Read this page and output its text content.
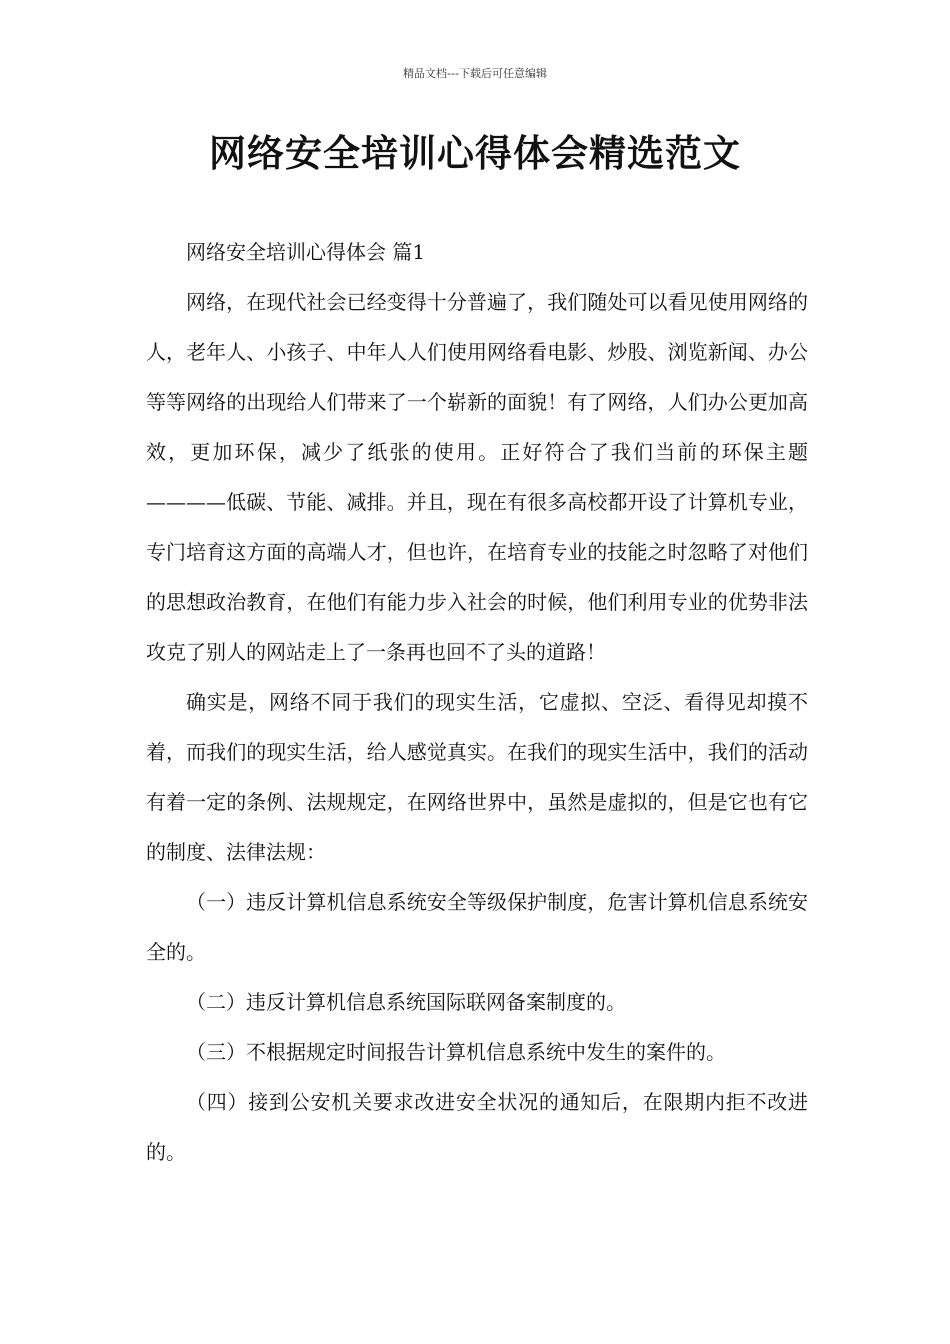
精品文档---下载后可任意编辑
网络安全培训心得体会精选范文

网络安全培训心得体会 篇1

网络，在现代社会已经变得十分普遍了，我们随处可以看见使用网络的人，老年人、小孩子、中年人人们使用网络看电影、炒股、浏览新闻、办公等等网络的出现给人们带来了一个崭新的面貌！有了网络，人们办公更加高效，更加环保，减少了纸张的使用。正好符合了我们当前的环保主题————低碳、节能、减排。并且，现在有很多高校都开设了计算机专业，专门培育这方面的高端人才，但也许，在培育专业的技能之时忽略了对他们的思想政治教育，在他们有能力步入社会的时候，他们利用专业的优势非法攻克了别人的网站走上了一条再也回不了头的道路！

确实是，网络不同于我们的现实生活，它虚拟、空泛、看得见却摸不着，而我们的现实生活，给人感觉真实。在我们的现实生活中，我们的活动有着一定的条例、法规规定，在网络世界中，虽然是虚拟的，但是它也有它的制度、法律法规：

（一）违反计算机信息系统安全等级保护制度，危害计算机信息系统安全的。

（二）违反计算机信息系统国际联网备案制度的。

（三）不根据规定时间报告计算机信息系统中发生的案件的。

（四）接到公安机关要求改进安全状况的通知后，在限期内拒不改进的。
